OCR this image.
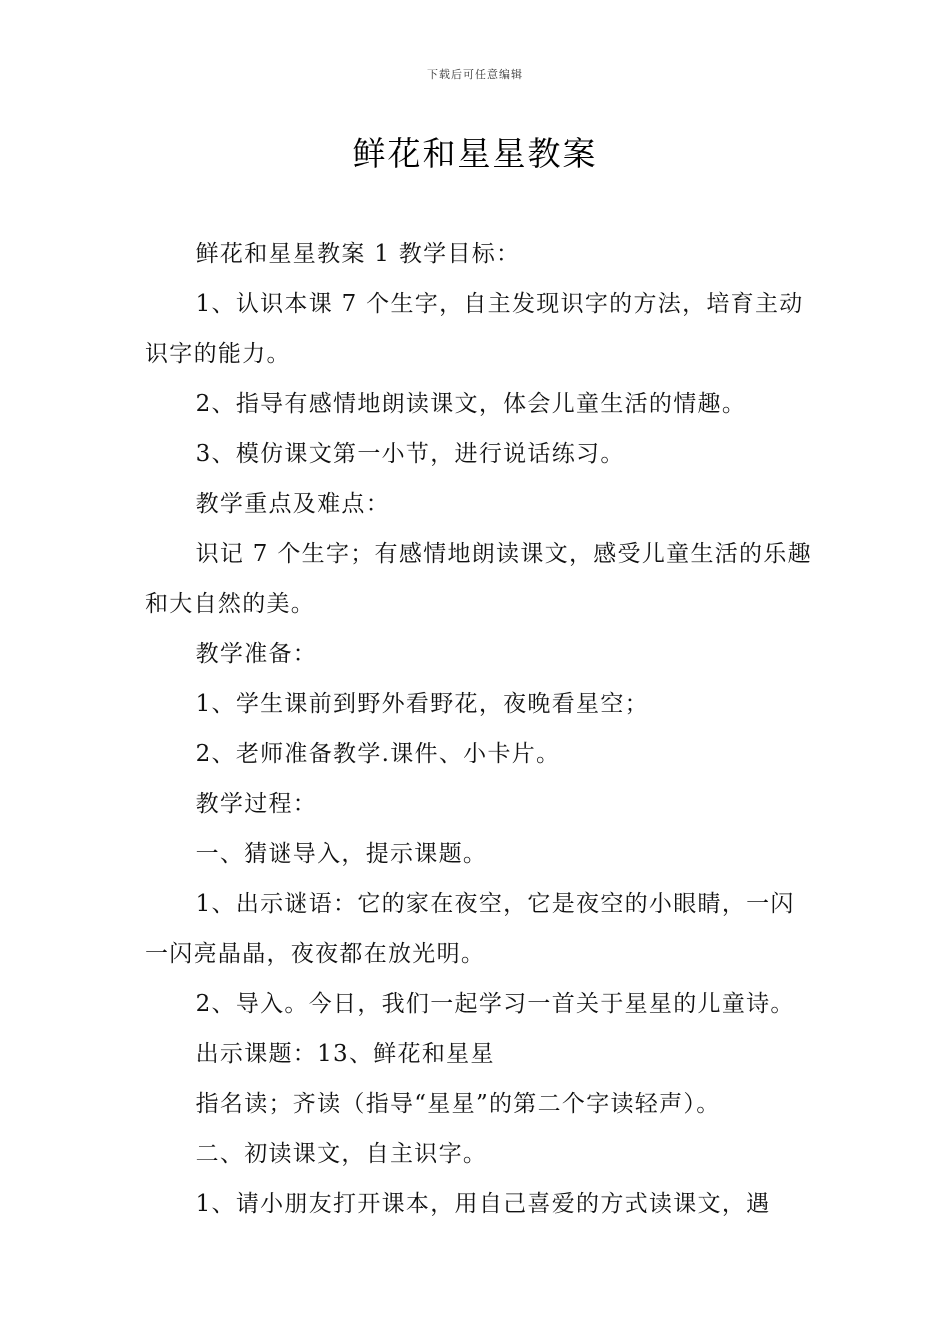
下载后可任意编辑
鲜花和星星教案

鲜花和星星教案 1 教学目标：

1、认识本课 7 个生字，自主发现识字的方法，培育主动识字的能力。

2、指导有感情地朗读课文，体会儿童生活的情趣。

3、模仿课文第一小节，进行说话练习。

教学重点及难点：

识记 7 个生字；有感情地朗读课文，感受儿童生活的乐趣和大自然的美。

教学准备：

1、学生课前到野外看野花，夜晚看星空；

2、老师准备教学.课件、小卡片。

教学过程：

一、猜谜导入，提示课题。

1、出示谜语：它的家在夜空，它是夜空的小眼睛，一闪一闪亮晶晶，夜夜都在放光明。

2、导入。今日，我们一起学习一首关于星星的儿童诗。

出示课题：13、鲜花和星星

指名读；齐读（指导“星星”的第二个字读轻声）。

二、初读课文，自主识字。

1、请小朋友打开课本，用自己喜爱的方式读课文，遇
